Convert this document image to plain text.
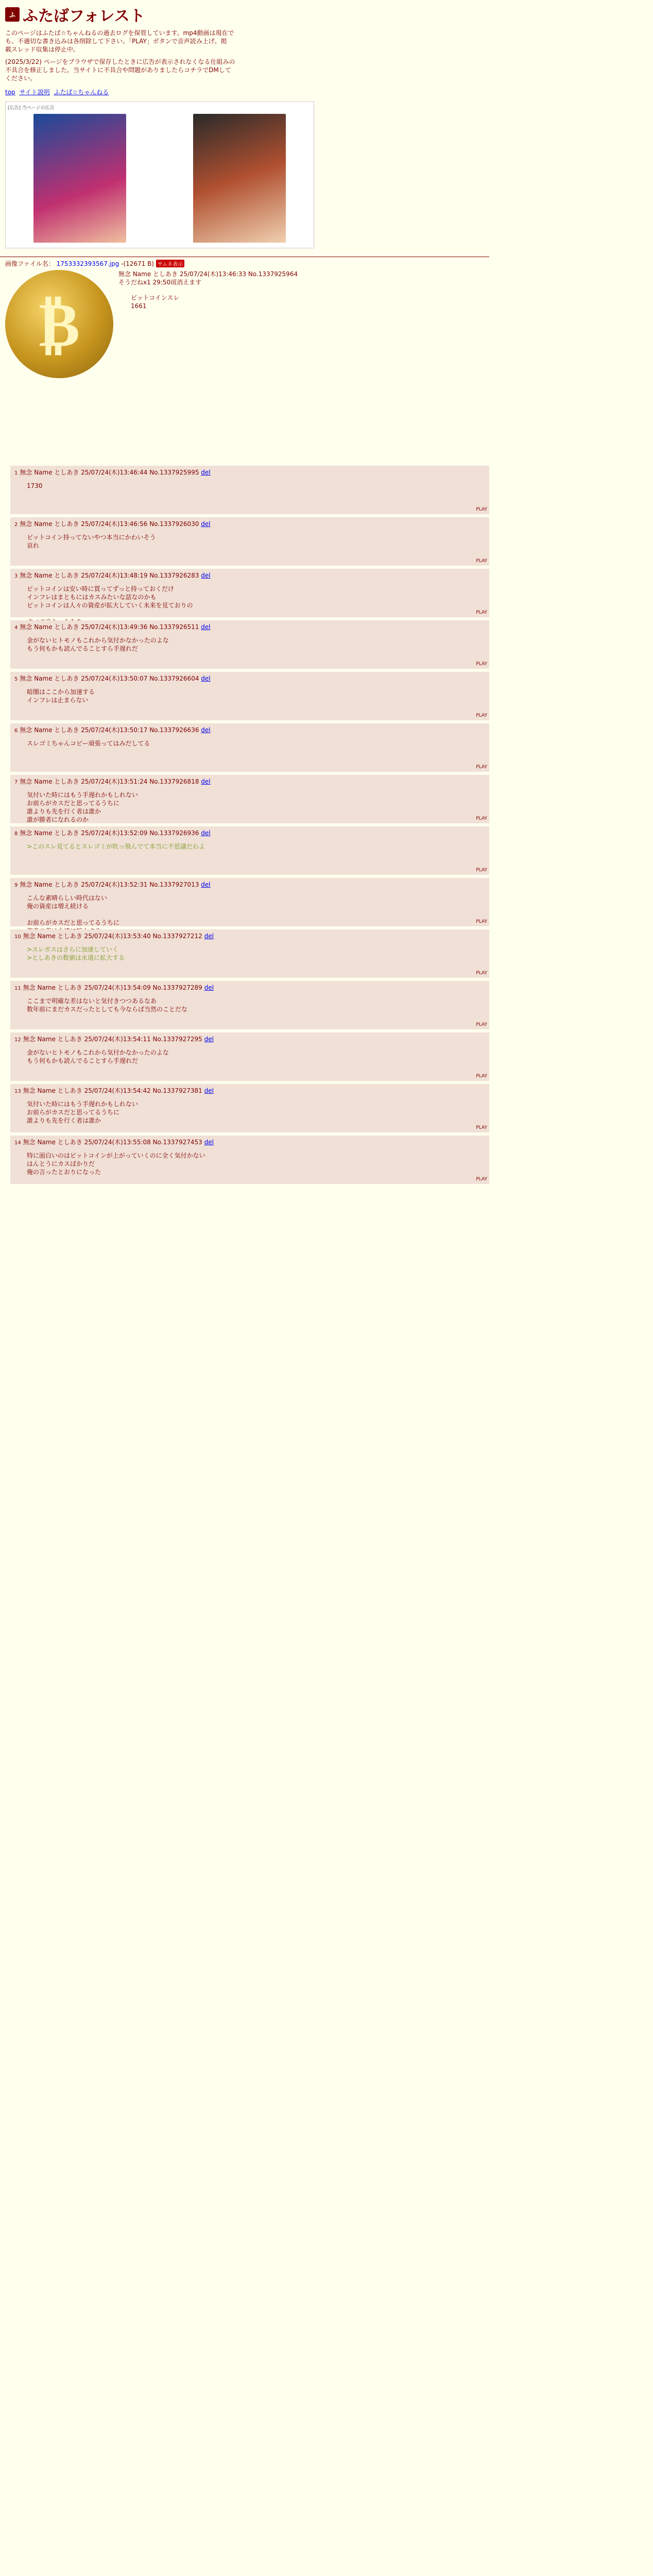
ふ ふたばフォレスト
このページはふたば☆ちゃんねるの過去ログを保管しています。mp4動画は現在で
も、不適切な書き込みは各削除して下さい。「PLAY」ボタンで音声読み上げ。掲
載スレッド収集は停止中。
(2025/3/22) ページをブラウザで保存したときに広告が表示されなくなる仕組みの
不具合を修正しました。当サイトに不具合や問題がありましたらコチラでDMして
ください。
top サイト説明 ふたば☆ちゃんねる
[広告] 当ページの広告
画像ファイル名： 1753332393567.jpg -(12671 B) サムネ表示
₿
無念 Name としあき 25/07/24(木)13:46:33 No.1337925964
そうだねx1 29:50頃消えます
ビットコインスレ
1661
1 無念 Name としあき 25/07/24(木)13:46:44 No.1337925995 del
1730
PLAY
2 無念 Name としあき 25/07/24(木)13:46:56 No.1337926030 del
ビットコイン持ってないやつ本当にかわいそう
哀れ
PLAY
3 無念 Name としあき 25/07/24(木)13:48:19 No.1337926283 del
ビットコインは安い時に買ってずっと持っておくだけ
インフレはまともにはカスみたいな話なのかも
ビットコインは人々の資産が拡大していく未来を見ておりの

PLAY
4 無念 Name としあき 25/07/24(木)13:49:36 No.1337926511 del
金がないヒトモノもこれから気付かなかったのよな
もう何もかも読んでることすら手遅れだ
PLAY
5 無念 Name としあき 25/07/24(木)13:50:07 No.1337926604 del
暗闇はここから加速する
インフレは止まらない
PLAY
6 無念 Name としあき 25/07/24(木)13:50:17 No.1337926636 del
スレゴミちゃんコピー頑張ってはみだしてる
PLAY
7 無念 Name としあき 25/07/24(木)13:51:24 No.1337926818 del
気付いた時にはもう手遅れかもしれない
お前らがカスだと思ってるうちに
誰よりも先を行く者は誰か
誰が勝者になれるのか	PLAY
8 無念 Name としあき 25/07/24(木)13:52:09 No.1337926936 del
>このスレ見てるとスレゴミが吹っ飛んでて本当に不思議だわよ
PLAY
9 無念 Name としあき 25/07/24(木)13:52:31 No.1337927013 del
こんな素晴らしい時代はない
俺の資産は増え続ける

お前らがカスだと思ってるうちに	PLAY
10 無念 Name としあき 25/07/24(木)13:53:40 No.1337927212 del
>スレガスはさらに加速していく
>としあきの数値は永遠に拡大する
PLAY
11 無念 Name としあき 25/07/24(木)13:54:09 No.1337927289 del
ここまで明確な差はないと気付きつつあるなあ
数年前にまだカスだったとしても今ならば当然のことだな
PLAY
12 無念 Name としあき 25/07/24(木)13:54:11 No.1337927295 del
金がないヒトモノもこれから気付かなかったのよな
もう何もかも読んでることすら手遅れだ
PLAY
13 無念 Name としあき 25/07/24(木)13:54:42 No.1337927381 del
気付いた時にはもう手遅れかもしれない
お前らがカスだと思ってるうちに
誰よりも先を行く者は誰か
PLAY
14 無念 Name としあき 25/07/24(木)13:55:08 No.1337927453 del
特に面白いのはビットコインが上がっていくのに全く気付かない
はんとうにカスばかりだ
俺の言ったとおりになった
PLAY
